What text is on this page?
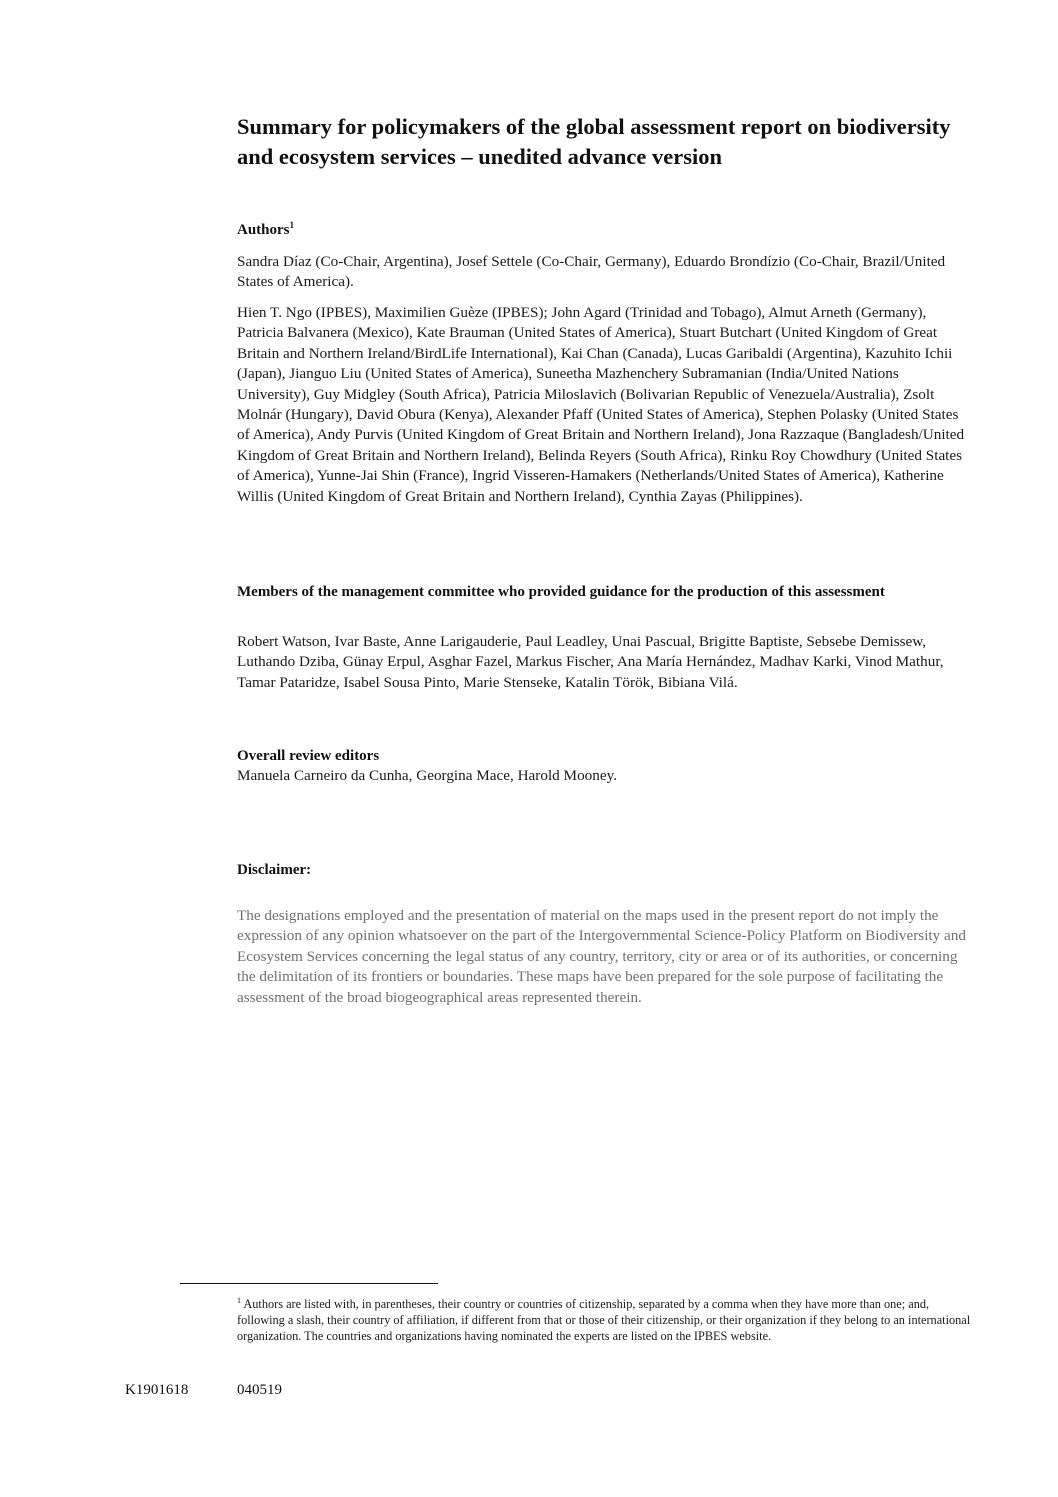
Summary for policymakers of the global assessment report on biodiversity and ecosystem services – unedited advance version
Authors$^1$

Sandra Díaz (Co-Chair, Argentina), Josef Settele (Co-Chair, Germany), Eduardo Brondízio (Co-Chair, Brazil/United States of America).

Hien T. Ngo (IPBES), Maximilien Guèze (IPBES); John Agard (Trinidad and Tobago), Almut Arneth (Germany), Patricia Balvanera (Mexico), Kate Brauman (United States of America), Stuart Butchart (United Kingdom of Great Britain and Northern Ireland/BirdLife International), Kai Chan (Canada), Lucas Garibaldi (Argentina), Kazuhito Ichii (Japan), Jianguo Liu (United States of America), Suneetha Mazhenchery Subramanian (India/United Nations University), Guy Midgley (South Africa), Patricia Miloslavich (Bolivarian Republic of Venezuela/Australia), Zsolt Molnár (Hungary), David Obura (Kenya), Alexander Pfaff (United States of America), Stephen Polasky (United States of America), Andy Purvis (United Kingdom of Great Britain and Northern Ireland), Jona Razzaque (Bangladesh/United Kingdom of Great Britain and Northern Ireland), Belinda Reyers (South Africa), Rinku Roy Chowdhury (United States of America), Yunne-Jai Shin (France), Ingrid Visseren-Hamakers (Netherlands/United States of America), Katherine Willis (United Kingdom of Great Britain and Northern Ireland), Cynthia Zayas (Philippines).

Members of the management committee who provided guidance for the production of this assessment

Robert Watson, Ivar Baste, Anne Larigauderie, Paul Leadley, Unai Pascual, Brigitte Baptiste, Sebsebe Demissew, Luthando Dziba, Günay Erpul, Asghar Fazel, Markus Fischer, Ana María Hernández, Madhav Karki, Vinod Mathur, Tamar Pataridze, Isabel Sousa Pinto, Marie Stenseke, Katalin Török, Bibiana Vilá.

Overall review editors

Manuela Carneiro da Cunha, Georgina Mace, Harold Mooney.

Disclaimer:

The designations employed and the presentation of material on the maps used in the present report do not imply the expression of any opinion whatsoever on the part of the Intergovernmental Science-Policy Platform on Biodiversity and Ecosystem Services concerning the legal status of any country, territory, city or area or of its authorities, or concerning the delimitation of its frontiers or boundaries. These maps have been prepared for the sole purpose of facilitating the assessment of the broad biogeographical areas represented therein.

$^1$ Authors are listed with, in parentheses, their country or countries of citizenship, separated by a comma when they have more than one; and, following a slash, their country of affiliation, if different from that or those of their citizenship, or their organization if they belong to an international organization. The countries and organizations having nominated the experts are listed on the IPBES website.

K1901618	040519
